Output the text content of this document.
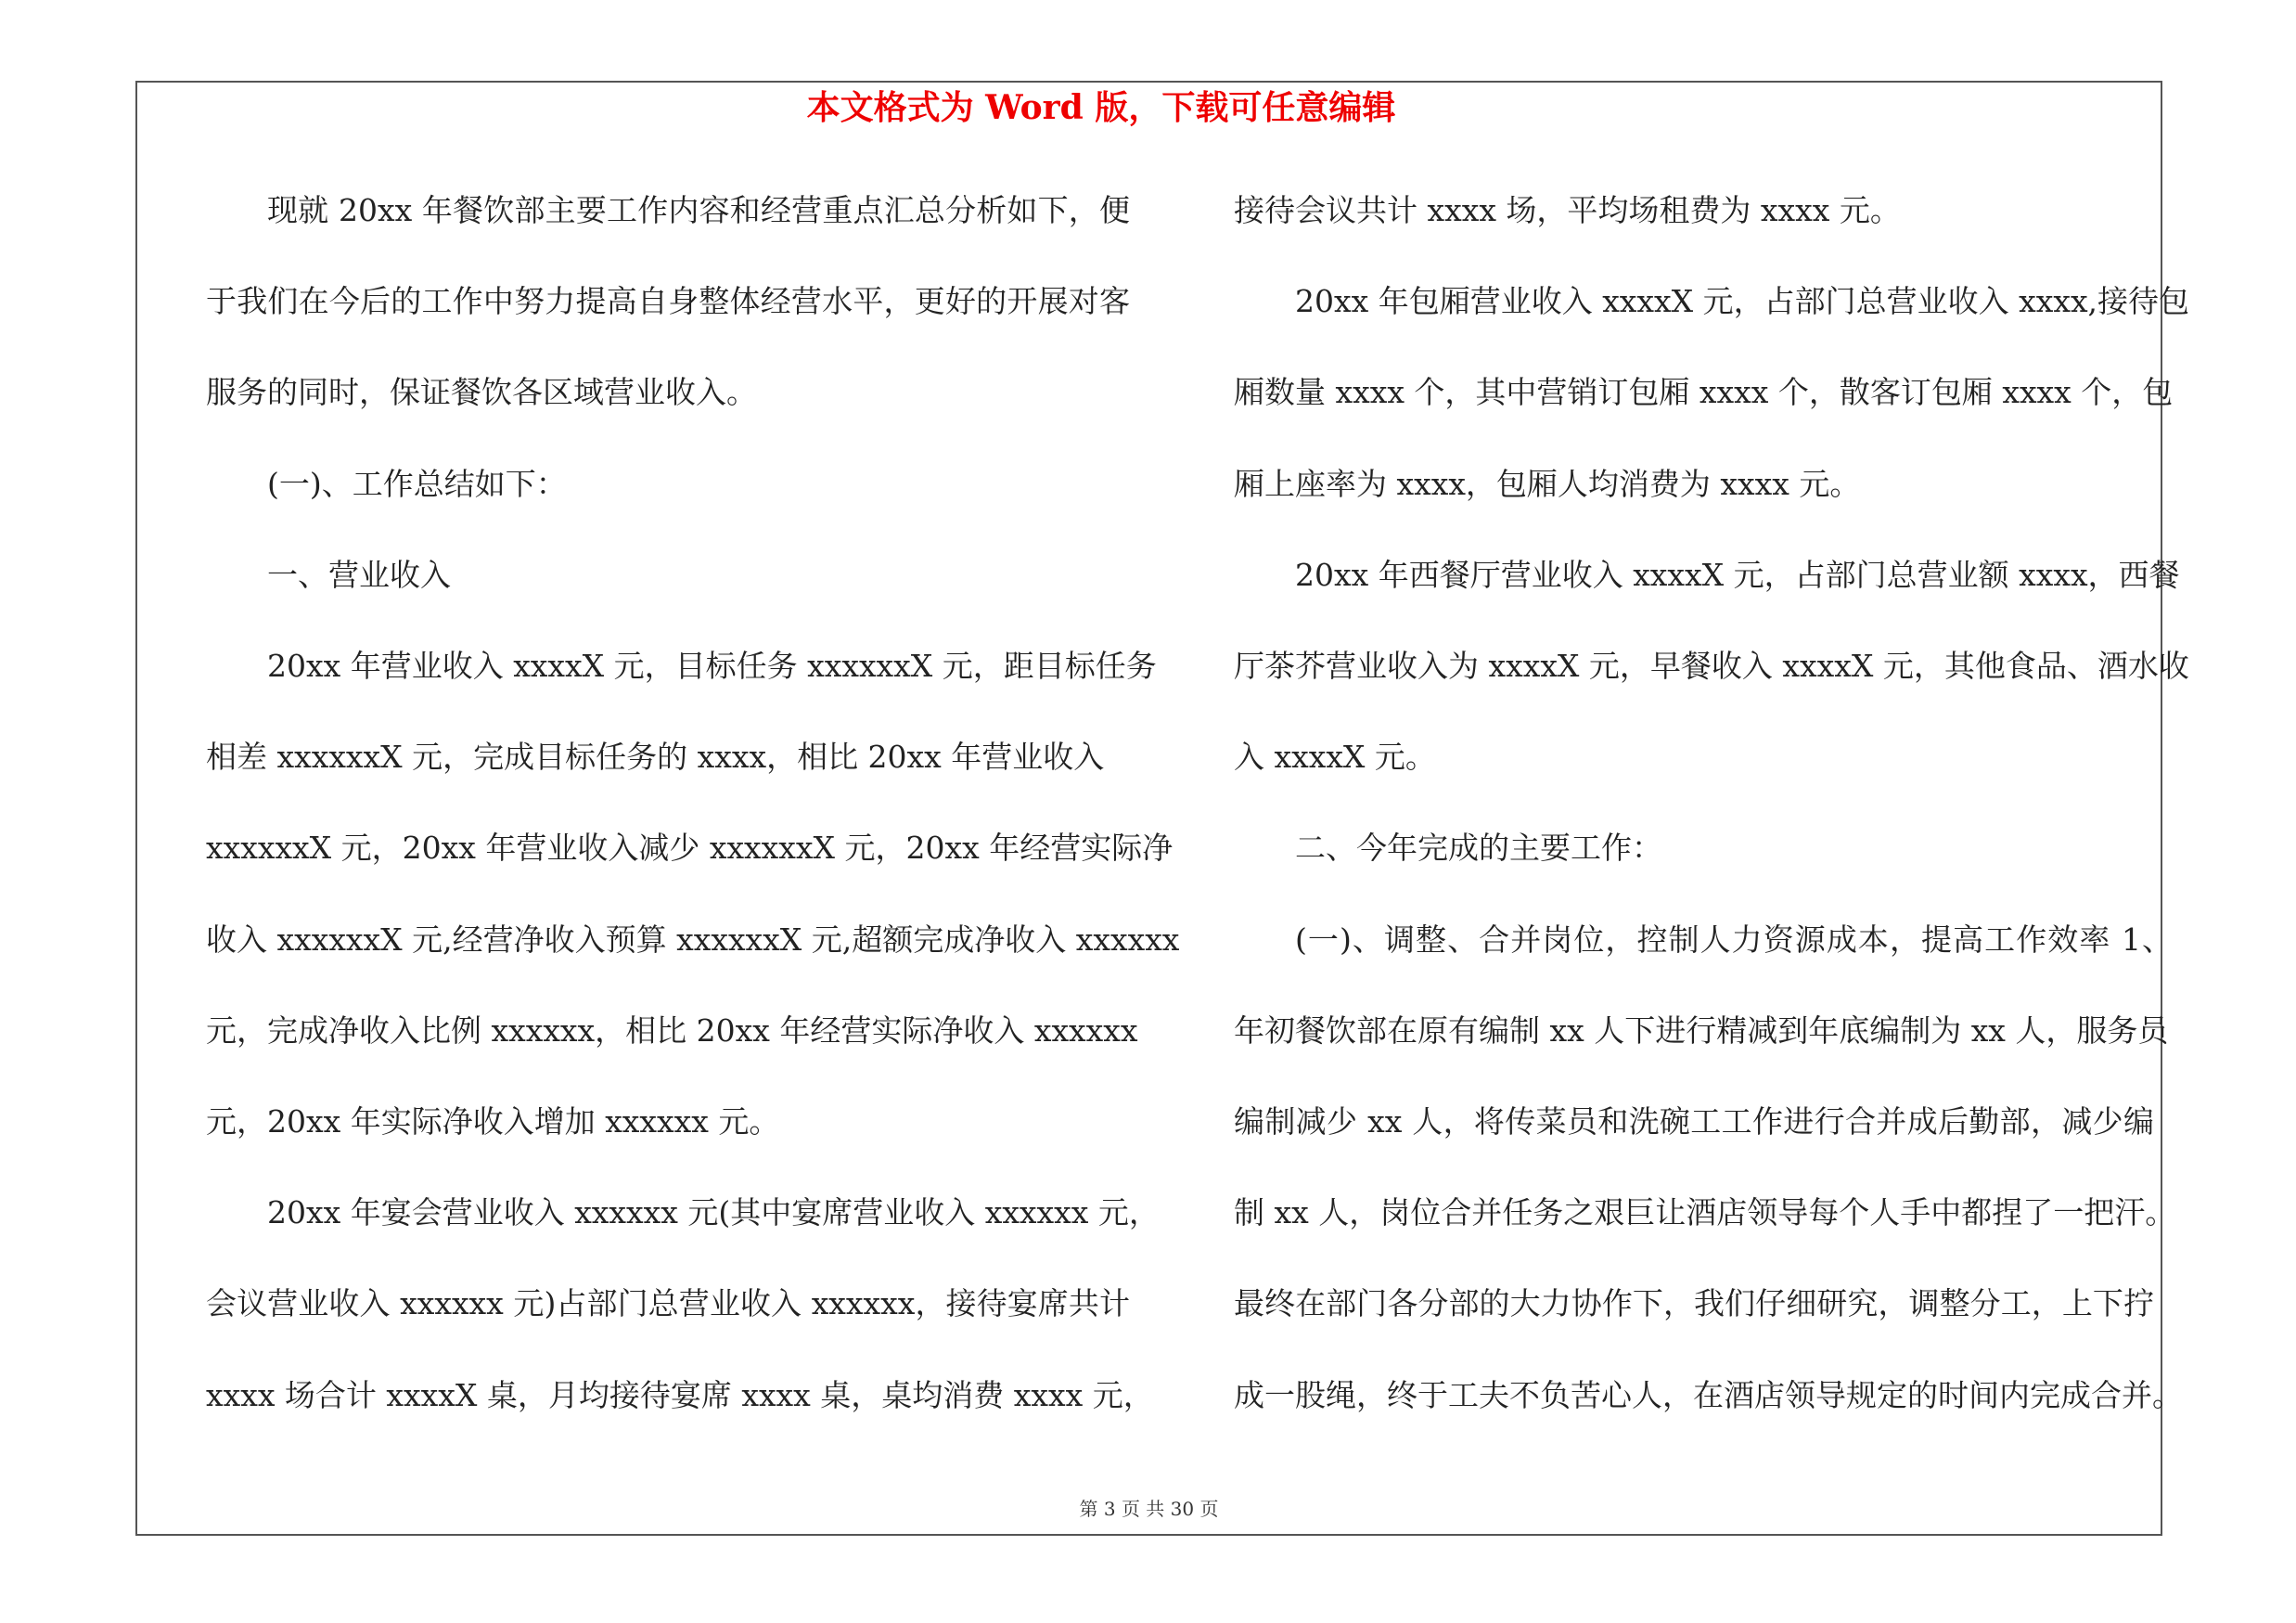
本文格式为 Word 版，下载可任意编辑
现就 20xx 年餐饮部主要工作内容和经营重点汇总分析如下，便
于我们在今后的工作中努力提高自身整体经营水平，更好的开展对客
服务的同时，保证餐饮各区域营业收入。
(一)、工作总结如下：
一、营业收入
20xx 年营业收入 xxxxX 元，目标任务 xxxxxxX 元，距目标任务
相差 xxxxxxX 元，完成目标任务的 xxxx，相比 20xx 年营业收入
xxxxxxX 元，20xx 年营业收入减少 xxxxxxX 元，20xx 年经营实际净
收入 xxxxxxX 元,经营净收入预算 xxxxxxX 元,超额完成净收入 xxxxxx
元，完成净收入比例 xxxxxx，相比 20xx 年经营实际净收入 xxxxxx
元，20xx 年实际净收入增加 xxxxxx 元。
20xx 年宴会营业收入 xxxxxx 元(其中宴席营业收入 xxxxxx 元，
会议营业收入 xxxxxx 元)占部门总营业收入 xxxxxx，接待宴席共计
xxxx 场合计 xxxxX 桌，月均接待宴席 xxxx 桌，桌均消费 xxxx 元，
接待会议共计 xxxx 场，平均场租费为 xxxx 元。
20xx 年包厢营业收入 xxxxX 元，占部门总营业收入 xxxx,接待包
厢数量 xxxx 个，其中营销订包厢 xxxx 个，散客订包厢 xxxx 个，包
厢上座率为 xxxx，包厢人均消费为 xxxx 元。
20xx 年西餐厅营业收入 xxxxX 元，占部门总营业额 xxxx，西餐
厅茶芥营业收入为 xxxxX 元，早餐收入 xxxxX 元，其他食品、酒水收
入 xxxxX 元。
二、今年完成的主要工作：
(一)、调整、合并岗位，控制人力资源成本，提高工作效率 1、
年初餐饮部在原有编制 xx 人下进行精减到年底编制为 xx 人，服务员
编制减少 xx 人，将传菜员和洗碗工工作进行合并成后勤部，减少编
制 xx 人，岗位合并任务之艰巨让酒店领导每个人手中都捏了一把汗。
最终在部门各分部的大力协作下，我们仔细研究，调整分工，上下拧
成一股绳，终于工夫不负苦心人，在酒店领导规定的时间内完成合并。
第 3 页 共 30 页
